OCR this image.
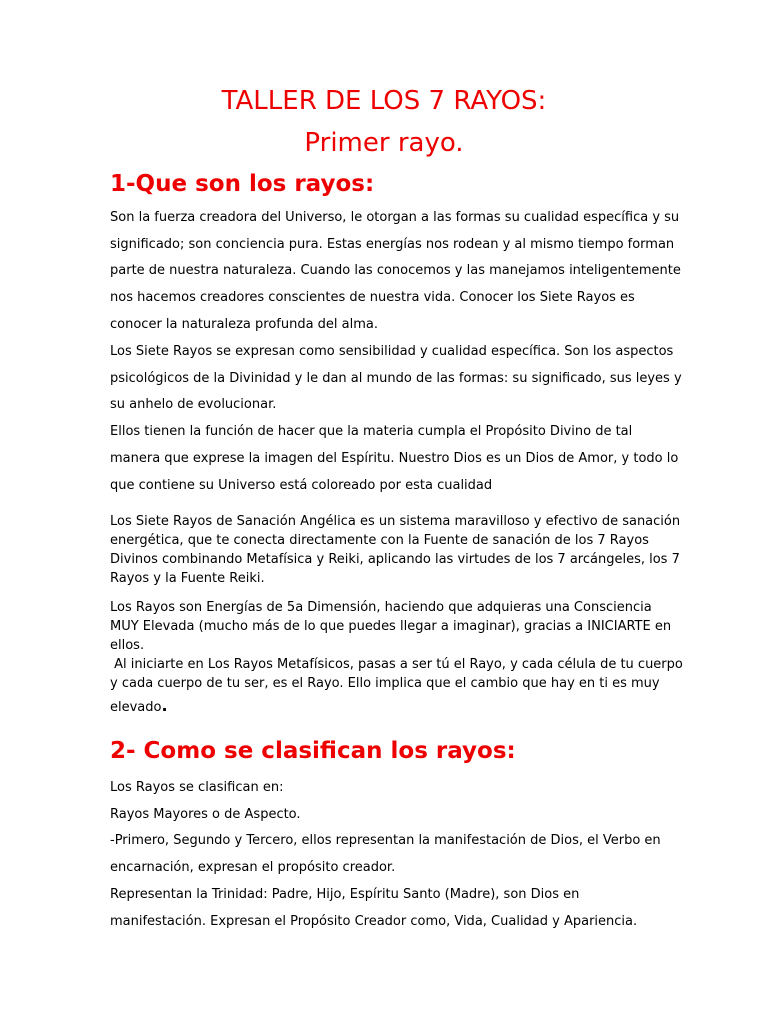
TALLER DE LOS 7 RAYOS:
Primer rayo.
1-Que son los rayos:

Son la fuerza creadora del Universo, le otorgan a las formas su cualidad específica y su

significado; son conciencia pura. Estas energías nos rodean y al mismo tiempo forman

parte de nuestra naturaleza. Cuando las conocemos y las manejamos inteligentemente

nos hacemos creadores conscientes de nuestra vida. Conocer los Siete Rayos es

conocer la naturaleza profunda del alma.

Los Siete Rayos se expresan como sensibilidad y cualidad específica. Son los aspectos

psicológicos de la Divinidad y le dan al mundo de las formas: su significado, sus leyes y

su anhelo de evolucionar.

Ellos tienen la función de hacer que la materia cumpla el Propósito Divino de tal

manera que exprese la imagen del Espíritu. Nuestro Dios es un Dios de Amor, y todo lo

que contiene su Universo está coloreado por esta cualidad

Los Siete Rayos de Sanación Angélica es un sistema maravilloso y efectivo de sanación

energética, que te conecta directamente con la Fuente de sanación de los 7 Rayos

Divinos combinando Metafísica y Reiki, aplicando las virtudes de los 7 arcángeles, los 7

Rayos y la Fuente Reiki.

Los Rayos son Energías de 5a Dimensión, haciendo que adquieras una Consciencia

MUY Elevada (mucho más de lo que puedes llegar a imaginar), gracias a INICIARTE en

ellos.

Al iniciarte en Los Rayos Metafísicos, pasas a ser tú el Rayo, y cada célula de tu cuerpo

y cada cuerpo de tu ser, es el Rayo. Ello implica que el cambio que hay en ti es muy

elevado.

2- Como se clasifican los rayos:

Los Rayos se clasifican en:

Rayos Mayores o de Aspecto.

-Primero, Segundo y Tercero, ellos representan la manifestación de Dios, el Verbo en

encarnación, expresan el propósito creador.

Representan la Trinidad: Padre, Hijo, Espíritu Santo (Madre), son Dios en

manifestación. Expresan el Propósito Creador como, Vida, Cualidad y Apariencia.
